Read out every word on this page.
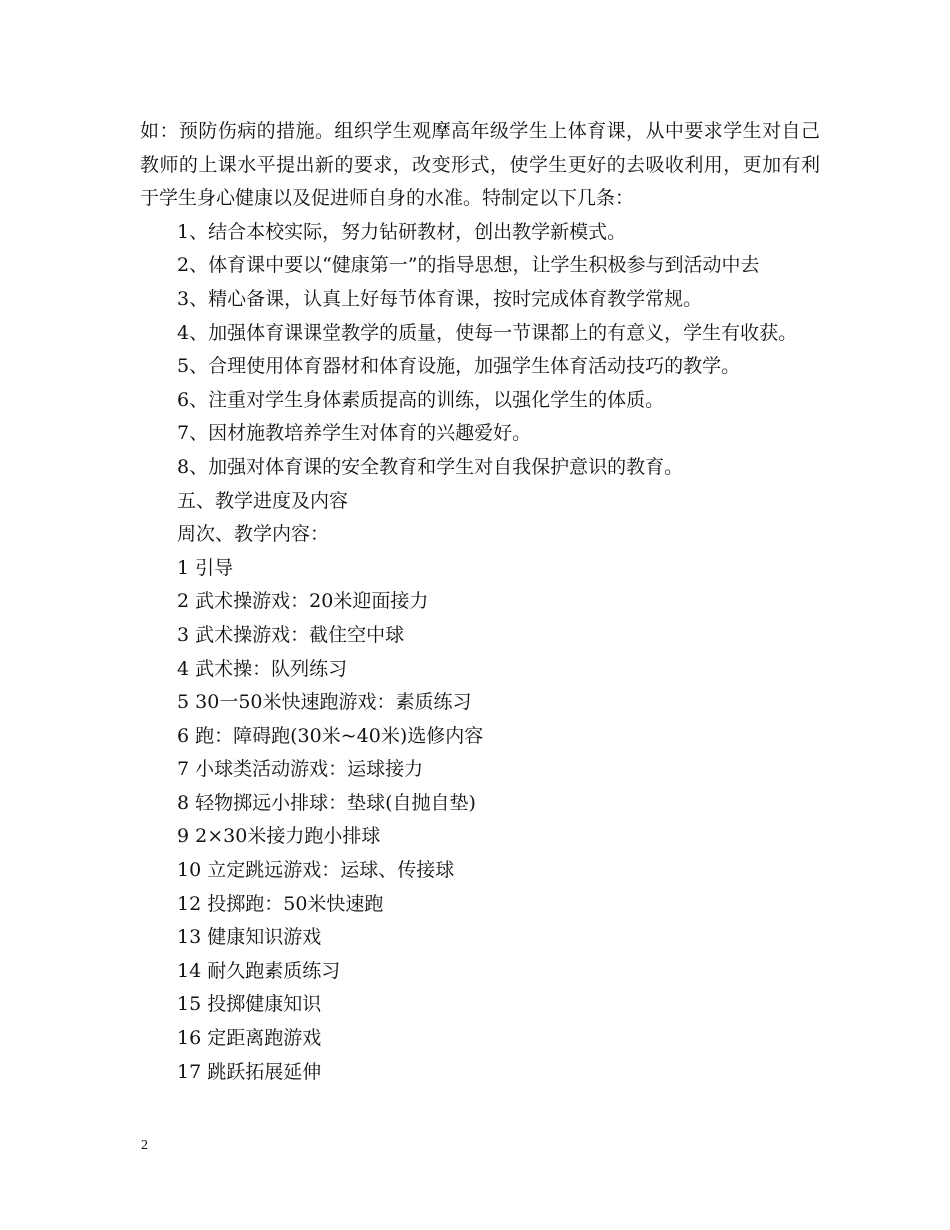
如：预防伤病的措施。组织学生观摩高年级学生上体育课，从中要求学生对自己教师的上课水平提出新的要求，改变形式，使学生更好的去吸收利用，更加有利于学生身心健康以及促进师自身的水准。特制定以下几条：

1、结合本校实际，努力钻研教材，创出教学新模式。

2、体育课中要以“健康第一”的指导思想，让学生积极参与到活动中去

3、精心备课，认真上好每节体育课，按时完成体育教学常规。

4、加强体育课课堂教学的质量，使每一节课都上的有意义，学生有收获。

5、合理使用体育器材和体育设施，加强学生体育活动技巧的教学。

6、注重对学生身体素质提高的训练，以强化学生的体质。

7、因材施教培养学生对体育的兴趣爱好。

8、加强对体育课的安全教育和学生对自我保护意识的教育。

五、教学进度及内容

周次、教学内容：

1 引导

2 武术操游戏：20米迎面接力

3 武术操游戏：截住空中球

4 武术操：队列练习

5 30一50米快速跑游戏：素质练习

6 跑：障碍跑(30米~40米)选修内容

7 小球类活动游戏：运球接力

8 轻物掷远小排球：垫球(自抛自垫)

9 2×30米接力跑小排球

10 立定跳远游戏：运球、传接球

12 投掷跑：50米快速跑

13 健康知识游戏

14 耐久跑素质练习

15 投掷健康知识

16 定距离跑游戏

17 跳跃拓展延伸

2
